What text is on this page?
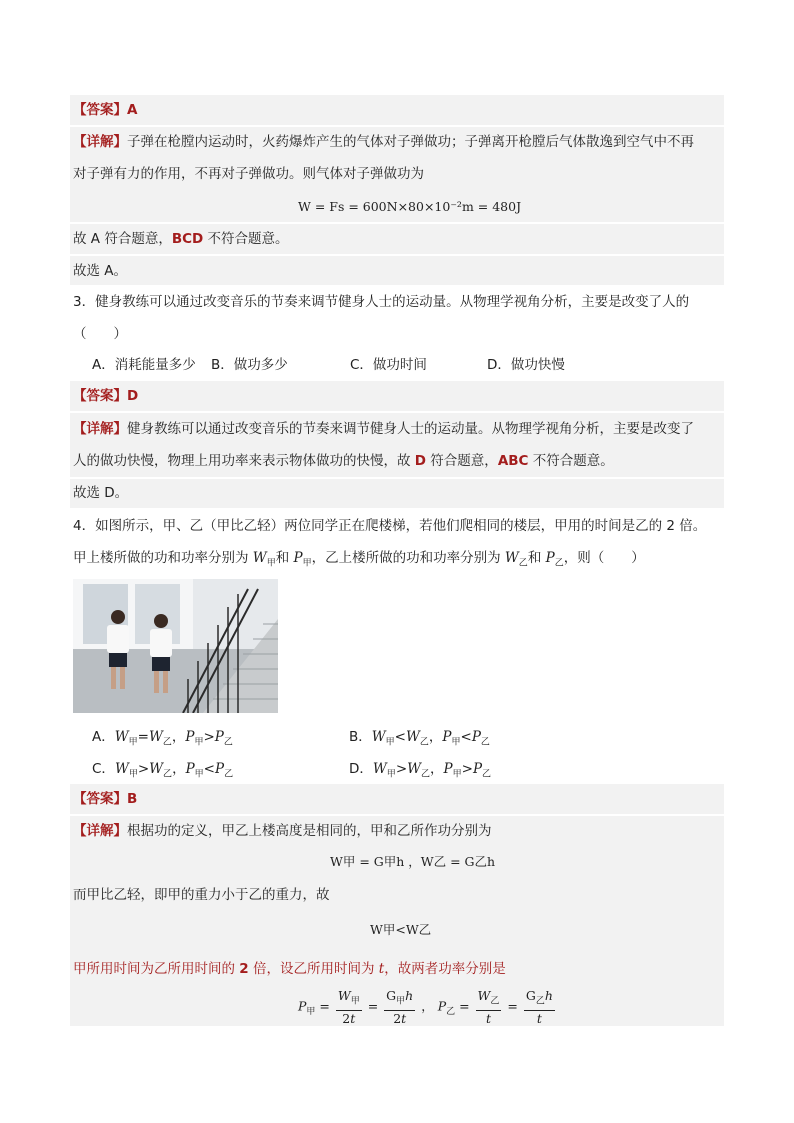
【答案】A
【详解】子弹在枪膛内运动时，火药爆炸产生的气体对子弹做功；子弹离开枪膛后气体散逸到空气中不再
对子弹有力的作用，不再对子弹做功。则气体对子弹做功为
W = Fs = 600N×80×10⁻²m = 480J
故 A 符合题意，BCD 不符合题意。
故选 A。
3．健身教练可以通过改变音乐的节奏来调节健身人士的运动量。从物理学视角分析，主要是改变了人的
（　　）
A．消耗能量多少 B．做功多少	C．做功时间	D．做功快慢
【答案】D
【详解】健身教练可以通过改变音乐的节奏来调节健身人士的运动量。从物理学视角分析，主要是改变了
人的做功快慢，物理上用功率来表示物体做功的快慢，故 D 符合题意，ABC 不符合题意。
故选 D。
4．如图所示，甲、乙（甲比乙轻）两位同学正在爬楼梯，若他们爬相同的楼层，甲用的时间是乙的 2 倍。
甲上楼所做的功和功率分别为 $W_甲$和 $P_甲$，乙上楼所做的功和功率分别为 $W_乙$和 $P_乙$，则（　　）
A．$W_甲=W_乙$，$P_甲>P_乙$	B．$W_甲<W_乙$，$P_甲<P_乙$
C．$W_甲>W_乙$，$P_甲<P_乙$	D．$W_甲>W_乙$，$P_甲>P_乙$
【答案】B
【详解】根据功的定义，甲乙上楼高度是相同的，甲和乙所作功分别为
W甲 = G甲h ，W乙 = G乙h
而甲比乙轻，即甲的重力小于乙的重力，故
W甲<W乙
甲所用时间为乙所用时间的 2 倍，设乙所用时间为 t，故两者功率分别是
$P_甲 = \frac{W_甲}{2t} = \frac{G_甲h}{2t}$ ， $P_乙 = \frac{W_乙}{t} = \frac{G_乙h}{t}$
